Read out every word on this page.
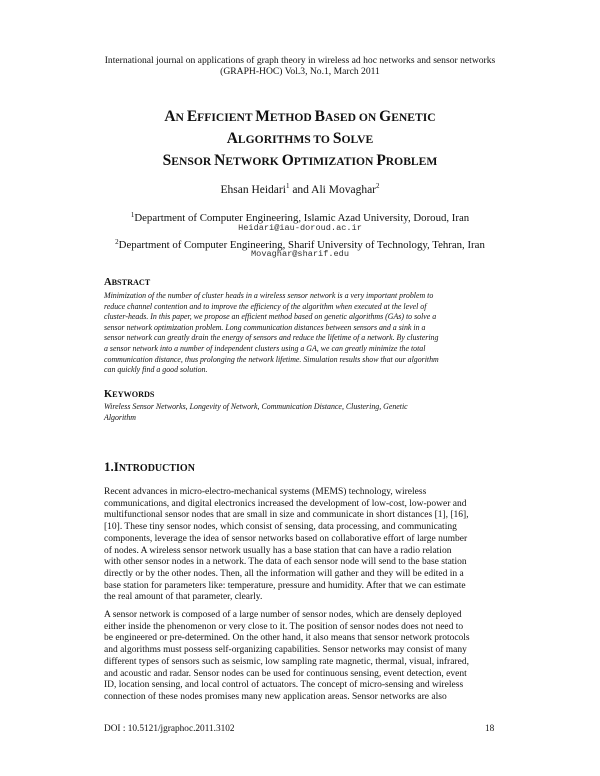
International journal on applications of graph theory in wireless ad hoc networks and sensor networks
(GRAPH-HOC) Vol.3, No.1, March 2011
AN EFFICIENT METHOD BASED ON GENETIC
ALGORITHMS TO SOLVE
SENSOR NETWORK OPTIMIZATION PROBLEM
Ehsan Heidari$^1$ and Ali Movaghar$^2$
$^1$Department of Computer Engineering, Islamic Azad University, Doroud, Iran
Heidari@iau-doroud.ac.ir
$^2$Department of Computer Engineering, Sharif University of Technology, Tehran, Iran
Movaghar@sharif.edu
ABSTRACT
Minimization of the number of cluster heads in a wireless sensor network is a very important problem to
reduce channel contention and to improve the efficiency of the algorithm when executed at the level of
cluster-heads. In this paper, we propose an efficient method based on genetic algorithms (GAs) to solve a
sensor network optimization problem. Long communication distances between sensors and a sink in a
sensor network can greatly drain the energy of sensors and reduce the lifetime of a network. By clustering
a sensor network into a number of independent clusters using a GA, we can greatly minimize the total
communication distance, thus prolonging the network lifetime. Simulation results show that our algorithm
can quickly find a good solution.
KEYWORDS
Wireless Sensor Networks, Longevity of Network, Communication Distance, Clustering, Genetic
Algorithm
1.INTRODUCTION
Recent advances in micro-electro-mechanical systems (MEMS) technology, wireless
communications, and digital electronics increased the development of low-cost, low-power and
multifunctional sensor nodes that are small in size and communicate in short distances [1], [16],
[10]. These tiny sensor nodes, which consist of sensing, data processing, and communicating
components, leverage the idea of sensor networks based on collaborative effort of large number
of nodes. A wireless sensor network usually has a base station that can have a radio relation
with other sensor nodes in a network. The data of each sensor node will send to the base station
directly or by the other nodes. Then, all the information will gather and they will be edited in a
base station for parameters like: temperature, pressure and humidity. After that we can estimate
the real amount of that parameter, clearly.
A sensor network is composed of a large number of sensor nodes, which are densely deployed
either inside the phenomenon or very close to it. The position of sensor nodes does not need to
be engineered or pre-determined. On the other hand, it also means that sensor network protocols
and algorithms must possess self-organizing capabilities. Sensor networks may consist of many
different types of sensors such as seismic, low sampling rate magnetic, thermal, visual, infrared,
and acoustic and radar. Sensor nodes can be used for continuous sensing, event detection, event
ID, location sensing, and local control of actuators. The concept of micro-sensing and wireless
connection of these nodes promises many new application areas. Sensor networks are also
DOI : 10.5121/jgraphoc.2011.3102	18
